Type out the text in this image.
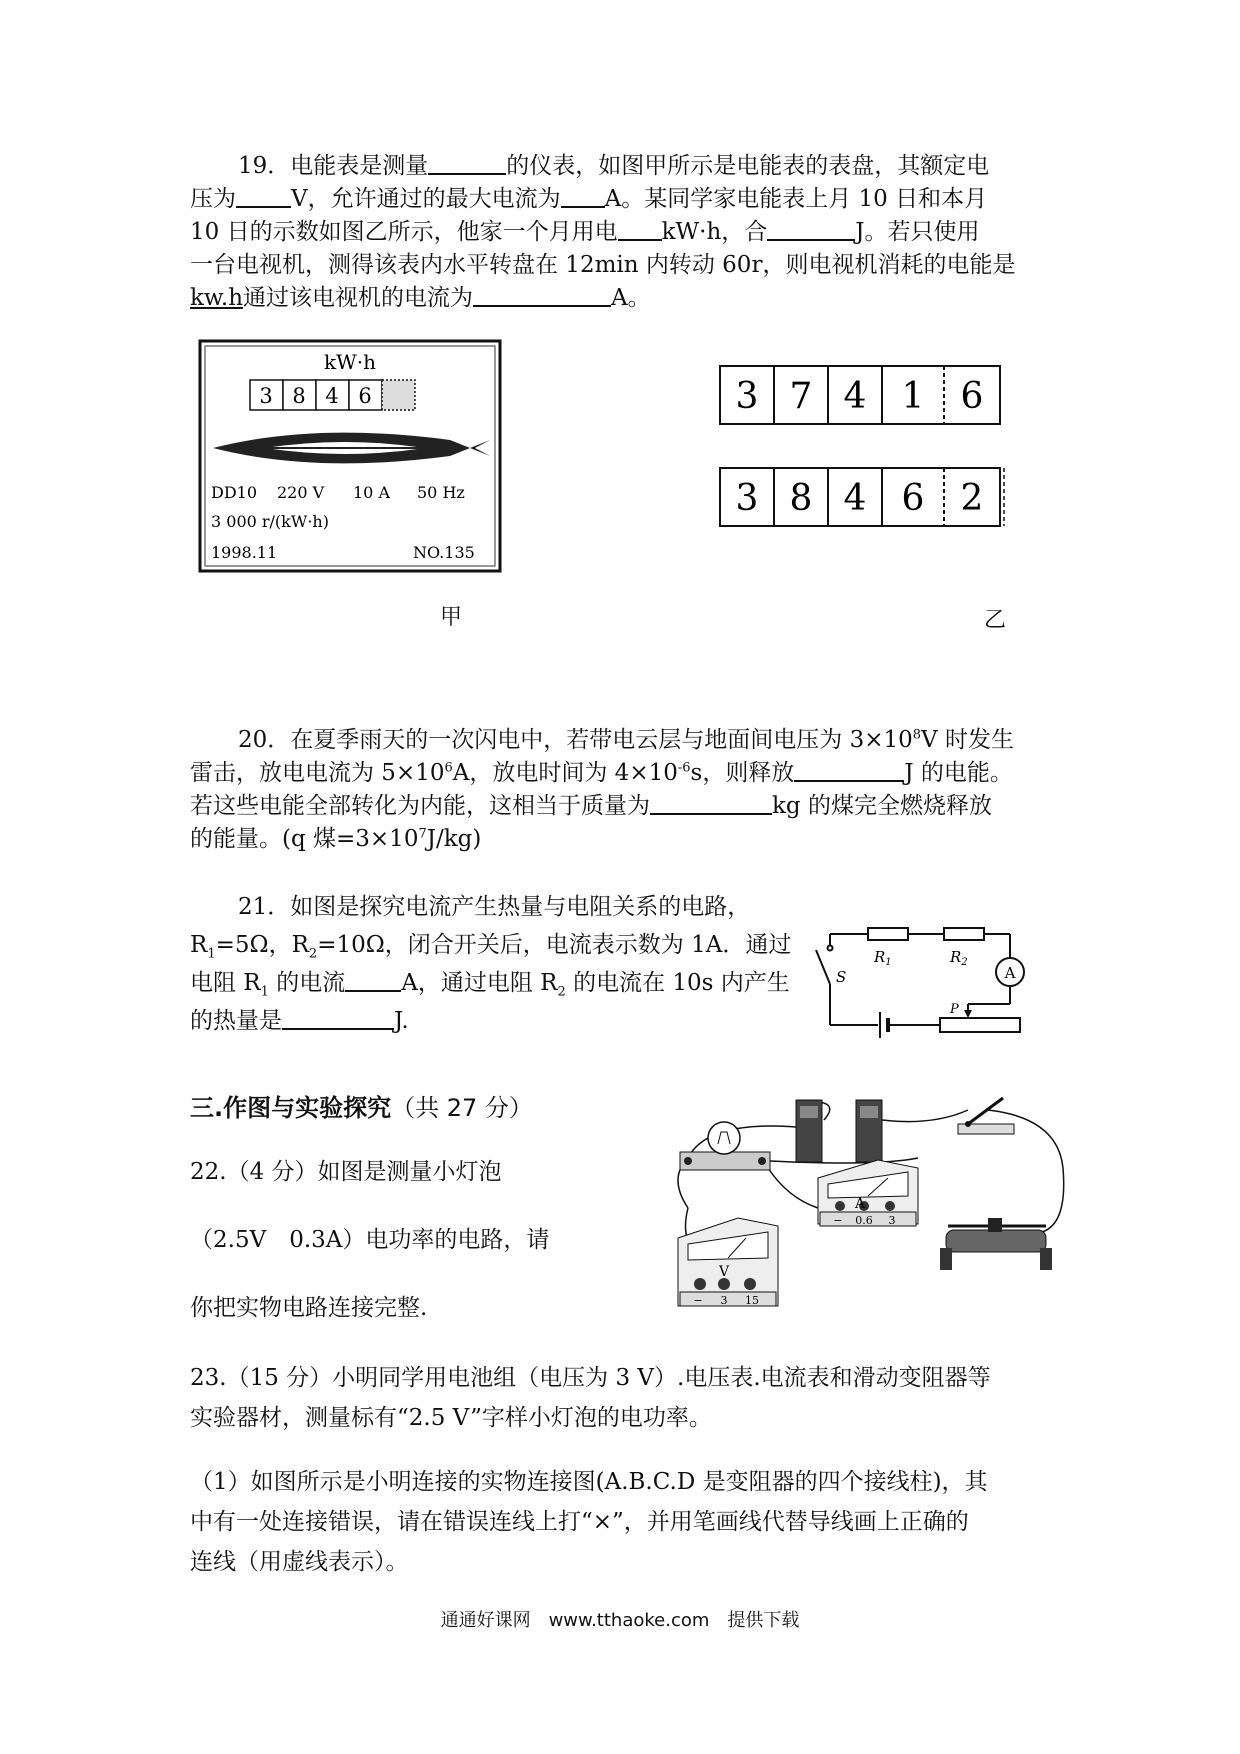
19．电能表是测量	的仪表，如图甲所示是电能表的表盘，其额定电
压为 V，允许通过的最大电流为 A。某同学家电能表上月 10 日和本月
10 日的示数如图乙所示，他家一个月用电 kW·h，合	J。若只使用
一台电视机，测得该表内水平转盘在 12min 内转动 60r，则电视机消耗的电能是
kw.h通过该电视机的电流为	A。
kW·h
3 8 4 6
DD10 220 V 10 A 50 Hz
3 000 r/(kW·h)
1998.11	NO.135
3 7 4 1 6
3 8 4 6 2
甲	乙
20．在夏季雨天的一次闪电中，若带电云层与地面间电压为 $3\times 10^8V$ 时发生
雷击，放电电流为 $5\times 10^6A$，放电时间为 $4\times 10^{-6}s$，则释放	J 的电能。
若这些电能全部转化为内能，这相当于质量为	kg 的煤完全燃烧释放
的能量。(q 煤$=3\times 10^7J/kg$)
21．如图是探究电流产生热量与电阻关系的电路，
$R_1=5\Omega$，$R_2=10\Omega$，闭合开关后，电流表示数为 1A．通过
电阻 $R_1$ 的电流 A，通过电阻 $R_2$ 的电流在 10s 内产生
的热量是	J.
$R_1$	$R_2$
A
S
P
三.作图与实验探究（共 27 分）
22.（4 分）如图是测量小灯泡
（2.5V　0.3A）电功率的电路，请
你把实物电路连接完整.
A
− 0.6 3
V
− 3 15
23.（15 分）小明同学用电池组（电压为 3 V）.电压表.电流表和滑动变阻器等
实验器材，测量标有“2.5 V”字样小灯泡的电功率。
（1）如图所示是小明连接的实物连接图(A.B.C.D 是变阻器的四个接线柱)，其
中有一处连接错误，请在错误连线上打“×”，并用笔画线代替导线画上正确的
连线（用虚线表示）。
通通好课网　www.tthaoke.com　提供下载
